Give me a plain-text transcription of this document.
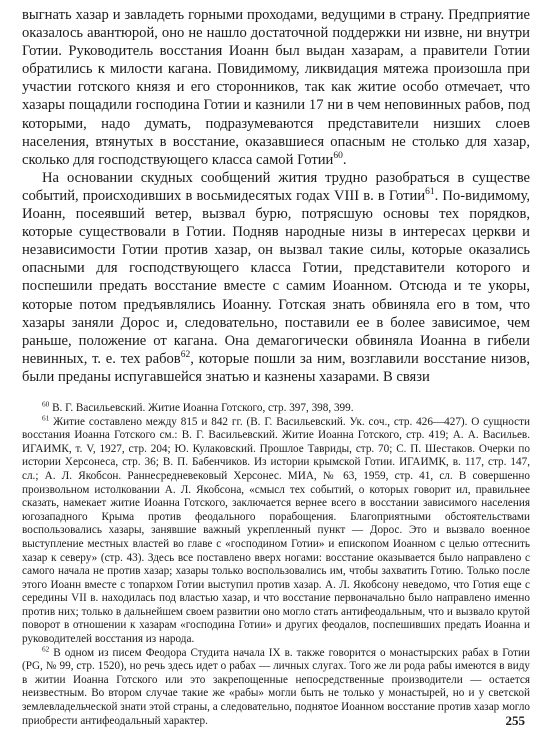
выгнать хазар и завладеть горными проходами, ведущими в страну. Предприятие оказалось авантюрой, оно не нашло достаточной поддержки ни извне, ни внутри Готии. Руководитель восстания Иоанн был выдан хазарам, а правители Готии обратились к милости кагана. Повидимому, ликвидация мятежа произошла при участии готского князя и его сторонников, так как житие особо отмечает, что хазары пощадили господина Готии и казнили 17 ни в чем неповинных рабов, под которыми, надо думать, подразумеваются представители низших слоев населения, втянутых в восстание, оказавшиеся опасным не столько для хазар, сколько для господствующего класса самой Готии$^{60}$.

На основании скудных сообщений жития трудно разобраться в существе событий, происходивших в восьмидесятых годах VIII в. в Готии$^{61}$. По-видимому, Иоанн, посеявший ветер, вызвал бурю, потрясшую основы тех порядков, которые существовали в Готии. Подняв народные низы в интересах церкви и независимости Готии против хазар, он вызвал такие силы, которые оказались опасными для господствующего класса Готии, представители которого и поспешили предать восстание вместе с самим Иоанном. Отсюда и те укоры, которые потом предъявлялись Иоанну. Готская знать обвиняла его в том, что хазары заняли Дорос и, следовательно, поставили ее в более зависимое, чем раньше, положение от кагана. Она демагогически обвиняла Иоанна в гибели невинных, т. е. тех рабов$^{62}$, которые пошли за ним, возглавили восстание низов, были преданы испугавшейся знатью и казнены хазарами. В связи

$^{60}$ В. Г. Васильевский. Житие Иоанна Готского, стр. 397, 398, 399.

$^{61}$ Житие составлено между 815 и 842 гг. (В. Г. Васильевский. Ук. соч., стр. 426—427). О сущности восстания Иоанна Готского см.: В. Г. Васильевский. Житие Иоанна Готского, стр. 419; А. А. Васильев. ИГАИМК, т. V, 1927, стр. 204; Ю. Кулаковский. Прошлое Тавриды, стр. 70; С. П. Шестаков. Очерки по истории Херсонеса, стр. 36; В. П. Бабенчиков. Из истории крымской Готии. ИГАИМК, в. 117, стр. 147, сл.; А. Л. Якобсон. Раннесредневековый Херсонес. МИА, № 63, 1959, стр. 41, сл. В совершенно произвольном истолковании А. Л. Якобсона, «смысл тех событий, о которых говорит ил, правильнее сказать, намекает житие Иоанна Готского, заключается вернее всего в восстании зависимого населения югозападного Крыма против феодального порабощения. Благоприятными обстоятельствами воспользовались хазары, занявшие важный укрепленный пункт — Дорос. Это и вызвало военное выступление местных властей во главе с «господином Готии» и епископом Иоанном с целью оттеснить хазар к северу» (стр. 43). Здесь все поставлено вверх ногами: восстание оказывается было направлено с самого начала не против хазар; хазары только воспользовались им, чтобы захватить Готию. Только после этого Иоанн вместе с топархом Готии выступил против хазар. А. Л. Якобсону неведомо, что Готия еще с середины VII в. находилась под властью хазар, и что восстание первоначально было направлено именно против них; только в дальнейшем своем развитии оно могло стать антифеодальным, что и вызвало крутой поворот в отношении к хазарам «господина Готии» и других феодалов, поспешивших предать Иоанна и руководителей восстания из народа.

$^{62}$ В одном из писем Феодора Студита начала IX в. также говорится о монастырских рабах в Готии (PG, № 99, стр. 1520), но речь здесь идет о рабах — личных слугах. Того же ли рода рабы имеются в виду в житии Иоанна Готского или это закрепощенные непосредственные производители — остается неизвестным. Во втором случае такие же «рабы» могли быть не только у монастырей, но и у светской землевладельческой знати этой страны, а следовательно, поднятое Иоанном восстание против хазар могло приобрести антифеодальный характер.	255
